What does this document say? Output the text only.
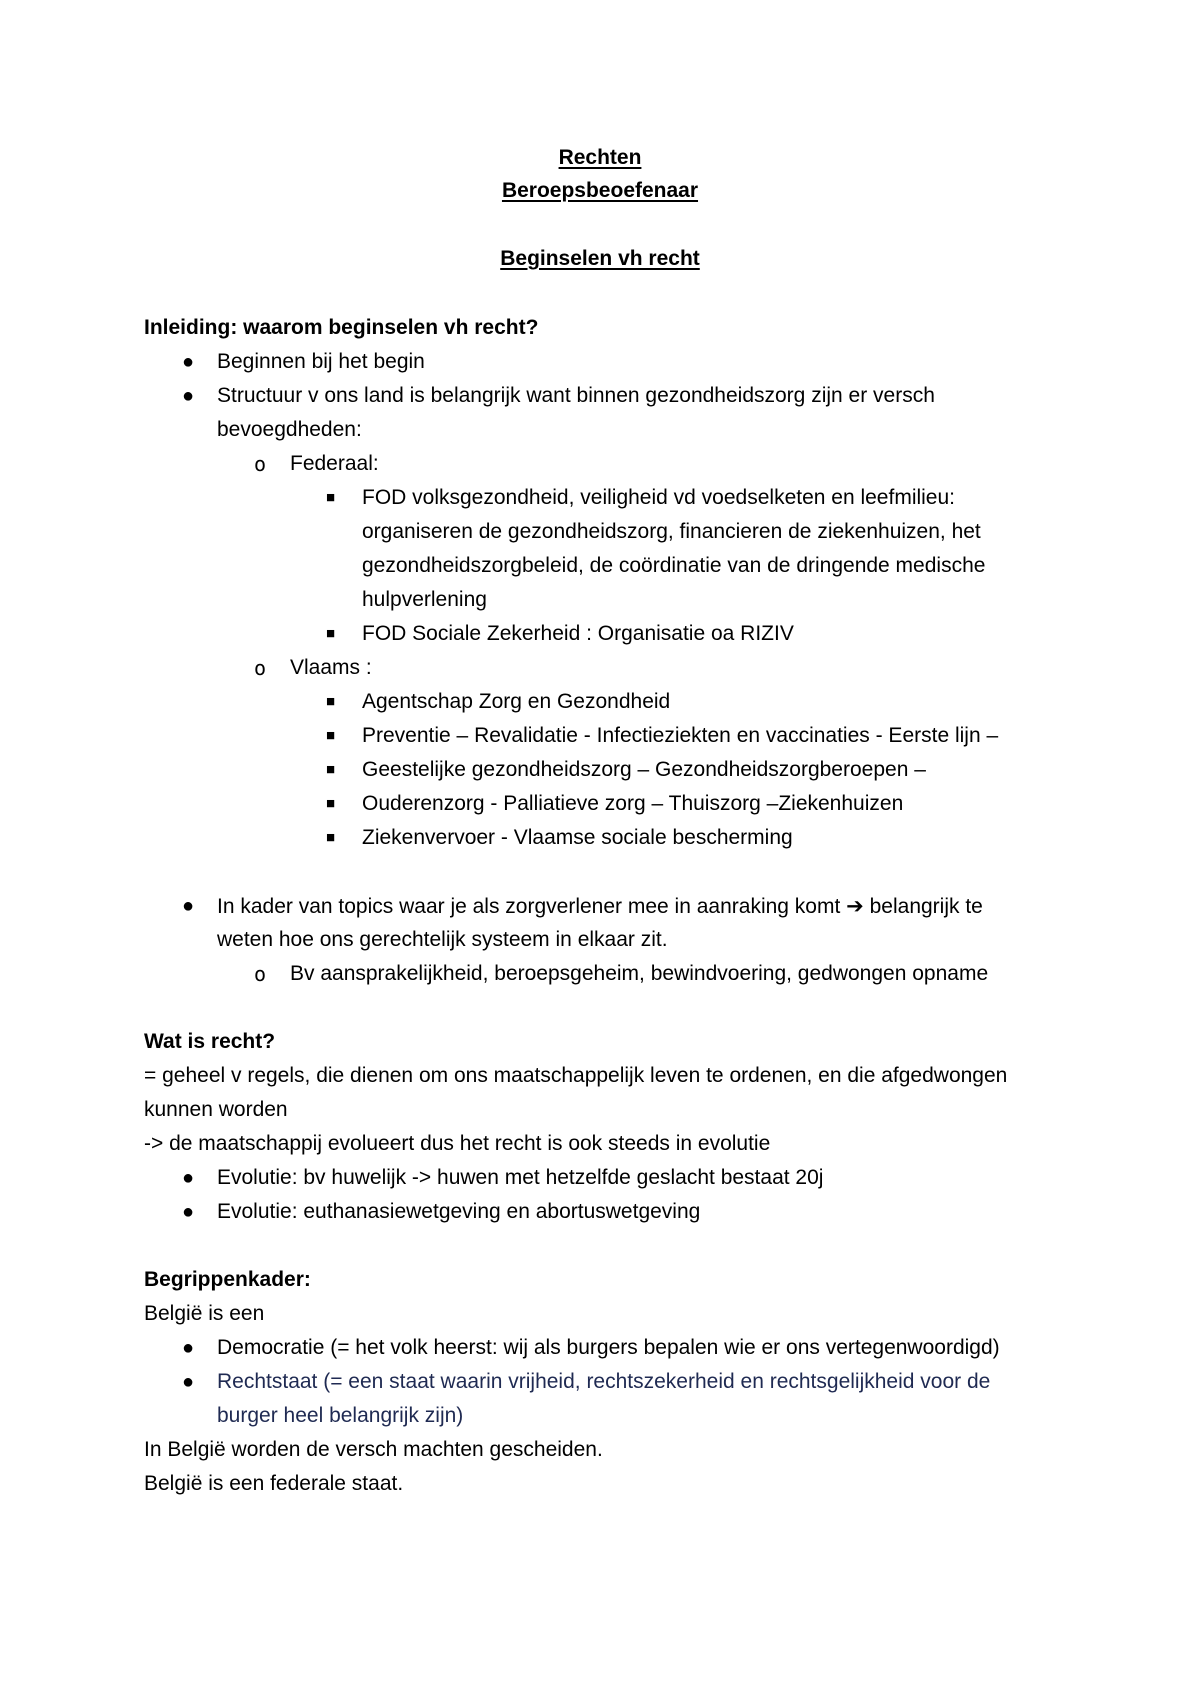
Rechten
Beroepsbeoefenaar
Beginselen vh recht
Inleiding: waarom beginselen vh recht?
● Beginnen bij het begin
● Structuur v ons land is belangrijk want binnen gezondheidszorg zijn er versch
bevoegdheden:
o Federaal:
■ FOD volksgezondheid, veiligheid vd voedselketen en leefmilieu:
organiseren de gezondheidszorg, financieren de ziekenhuizen, het
gezondheidszorgbeleid, de coördinatie van de dringende medische
hulpverlening
■ FOD Sociale Zekerheid : Organisatie oa RIZIV
o Vlaams :
■ Agentschap Zorg en Gezondheid
■ Preventie – Revalidatie - Infectieziekten en vaccinaties - Eerste lijn –
■ Geestelijke gezondheidszorg – Gezondheidszorgberoepen –
■ Ouderenzorg - Palliatieve zorg – Thuiszorg –Ziekenhuizen
■ Ziekenvervoer - Vlaamse sociale bescherming
● In kader van topics waar je als zorgverlener mee in aanraking komt ➔ belangrijk te
weten hoe ons gerechtelijk systeem in elkaar zit.
o Bv aansprakelijkheid, beroepsgeheim, bewindvoering, gedwongen opname
Wat is recht?
= geheel v regels, die dienen om ons maatschappelijk leven te ordenen, en die afgedwongen
kunnen worden
-> de maatschappij evolueert dus het recht is ook steeds in evolutie
● Evolutie: bv huwelijk -> huwen met hetzelfde geslacht bestaat 20j
● Evolutie: euthanasiewetgeving en abortuswetgeving
Begrippenkader:
België is een
● Democratie (= het volk heerst: wij als burgers bepalen wie er ons vertegenwoordigd)
● Rechtstaat (= een staat waarin vrijheid, rechtszekerheid en rechtsgelijkheid voor de
burger heel belangrijk zijn)
In België worden de versch machten gescheiden.
België is een federale staat.
